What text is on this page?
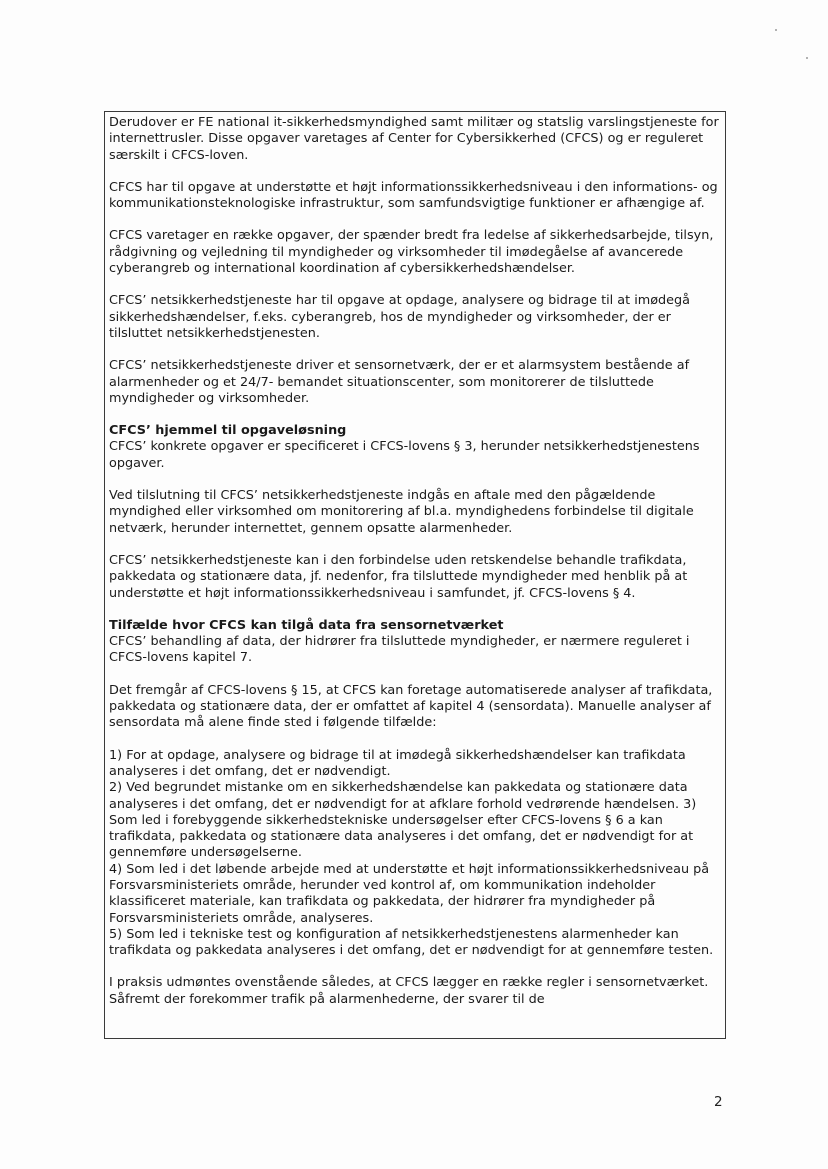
Derudover er FE national it-sikkerhedsmyndighed samt militær og statslig varslingstjeneste for internettrusler. Disse opgaver varetages af Center for Cybersikkerhed (CFCS) og er reguleret særskilt i CFCS-loven.

CFCS har til opgave at understøtte et højt informationssikkerhedsniveau i den informations- og kommunikationsteknologiske infrastruktur, som samfundsvigtige funktioner er afhængige af.

CFCS varetager en række opgaver, der spænder bredt fra ledelse af sikkerhedsarbejde, tilsyn, rådgivning og vejledning til myndigheder og virksomheder til imødegåelse af avancerede cyberangreb og international koordination af cybersikkerhedshændelser.

CFCS’ netsikkerhedstjeneste har til opgave at opdage, analysere og bidrage til at imødegå sikkerhedshændelser, f.eks. cyberangreb, hos de myndigheder og virksomheder, der er tilsluttet netsikkerhedstjenesten.

CFCS’ netsikkerhedstjeneste driver et sensornetværk, der er et alarmsystem bestående af alarmenheder og et 24/7- bemandet situationscenter, som monitorerer de tilsluttede myndigheder og virksomheder.

CFCS’ hjemmel til opgaveløsning

CFCS’ konkrete opgaver er specificeret i CFCS-lovens § 3, herunder netsikkerhedstjenestens opgaver.

Ved tilslutning til CFCS’ netsikkerhedstjeneste indgås en aftale med den pågældende myndighed eller virksomhed om monitorering af bl.a. myndighedens forbindelse til digitale netværk, herunder internettet, gennem opsatte alarmenheder.

CFCS’ netsikkerhedstjeneste kan i den forbindelse uden retskendelse behandle trafikdata, pakkedata og stationære data, jf. nedenfor, fra tilsluttede myndigheder med henblik på at understøtte et højt informationssikkerhedsniveau i samfundet, jf. CFCS-lovens § 4.

Tilfælde hvor CFCS kan tilgå data fra sensornetværket

CFCS’ behandling af data, der hidrører fra tilsluttede myndigheder, er nærmere reguleret i CFCS-lovens kapitel 7.

Det fremgår af CFCS-lovens § 15, at CFCS kan foretage automatiserede analyser af trafikdata, pakkedata og stationære data, der er omfattet af kapitel 4 (sensordata). Manuelle analyser af sensordata må alene finde sted i følgende tilfælde:

1) For at opdage, analysere og bidrage til at imødegå sikkerhedshændelser kan trafikdata analyseres i det omfang, det er nødvendigt.

2) Ved begrundet mistanke om en sikkerhedshændelse kan pakkedata og stationære data analyseres i det omfang, det er nødvendigt for at afklare forhold vedrørende hændelsen. 3) Som led i forebyggende sikkerhedstekniske undersøgelser efter CFCS-lovens § 6 a kan trafikdata, pakkedata og stationære data analyseres i det omfang, det er nødvendigt for at gennemføre undersøgelserne.

4) Som led i det løbende arbejde med at understøtte et højt informationssikkerhedsniveau på Forsvarsministeriets område, herunder ved kontrol af, om kommunikation indeholder klassificeret materiale, kan trafikdata og pakkedata, der hidrører fra myndigheder på Forsvarsministeriets område, analyseres.

5) Som led i tekniske test og konfiguration af netsikkerhedstjenestens alarmenheder kan trafikdata og pakkedata analyseres i det omfang, det er nødvendigt for at gennemføre testen.

I praksis udmøntes ovenstående således, at CFCS lægger en række regler i sensornetværket. Såfremt der forekommer trafik på alarmenhederne, der svarer til de

2
